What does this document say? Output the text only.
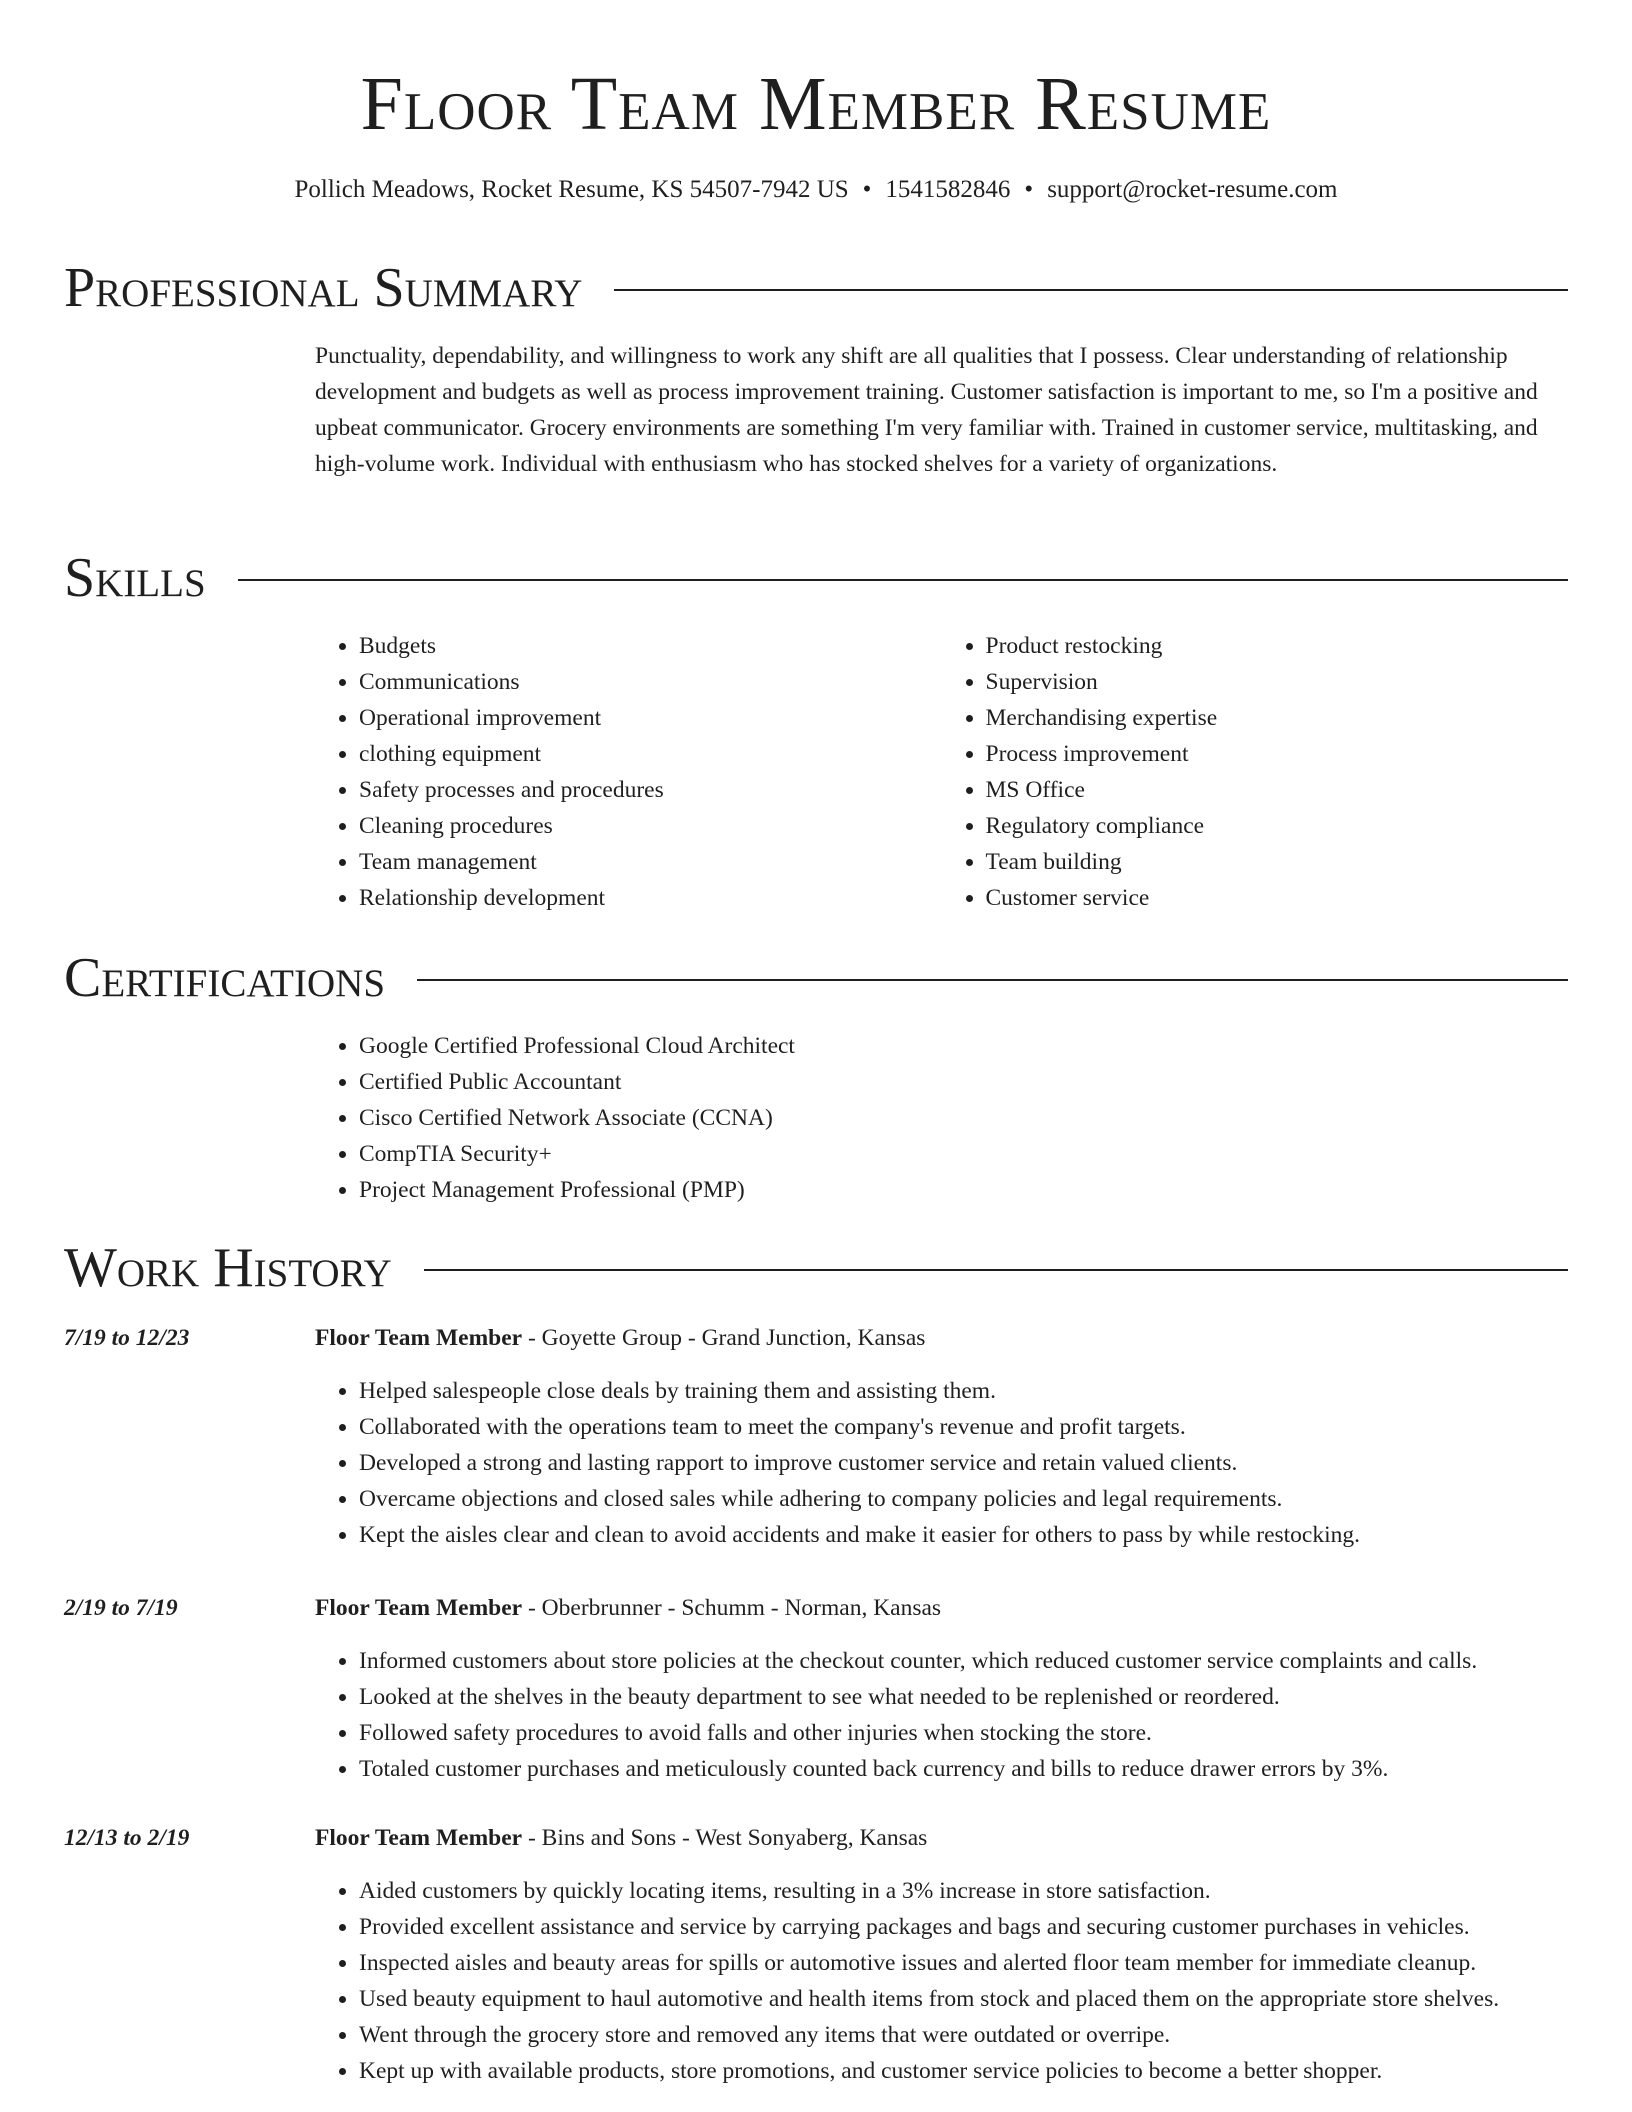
Floor Team Member Resume
Pollich Meadows, Rocket Resume, KS 54507-7942 US • 1541582846 • support@rocket-resume.com
Professional Summary
Punctuality, dependability, and willingness to work any shift are all qualities that I possess. Clear understanding of relationship development and budgets as well as process improvement training. Customer satisfaction is important to me, so I'm a positive and upbeat communicator. Grocery environments are something I'm very familiar with. Trained in customer service, multitasking, and high-volume work. Individual with enthusiasm who has stocked shelves for a variety of organizations.
Skills
• Budgets
• Communications
• Operational improvement
• clothing equipment
• Safety processes and procedures
• Cleaning procedures
• Team management
• Relationship development
• Product restocking
• Supervision
• Merchandising expertise
• Process improvement
• MS Office
• Regulatory compliance
• Team building
• Customer service
Certifications
• Google Certified Professional Cloud Architect
• Certified Public Accountant
• Cisco Certified Network Associate (CCNA)
• CompTIA Security+
• Project Management Professional (PMP)
Work History
7/19 to 12/23	Floor Team Member - Goyette Group - Grand Junction, Kansas
• Helped salespeople close deals by training them and assisting them.
• Collaborated with the operations team to meet the company's revenue and profit targets.
• Developed a strong and lasting rapport to improve customer service and retain valued clients.
• Overcame objections and closed sales while adhering to company policies and legal requirements.
• Kept the aisles clear and clean to avoid accidents and make it easier for others to pass by while restocking.
2/19 to 7/19	Floor Team Member - Oberbrunner - Schumm - Norman, Kansas
• Informed customers about store policies at the checkout counter, which reduced customer service complaints and calls.
• Looked at the shelves in the beauty department to see what needed to be replenished or reordered.
• Followed safety procedures to avoid falls and other injuries when stocking the store.
• Totaled customer purchases and meticulously counted back currency and bills to reduce drawer errors by 3%.
12/13 to 2/19	Floor Team Member - Bins and Sons - West Sonyaberg, Kansas
• Aided customers by quickly locating items, resulting in a 3% increase in store satisfaction.
• Provided excellent assistance and service by carrying packages and bags and securing customer purchases in vehicles.
• Inspected aisles and beauty areas for spills or automotive issues and alerted floor team member for immediate cleanup.
• Used beauty equipment to haul automotive and health items from stock and placed them on the appropriate store shelves.
• Went through the grocery store and removed any items that were outdated or overripe.
• Kept up with available products, store promotions, and customer service policies to become a better shopper.
